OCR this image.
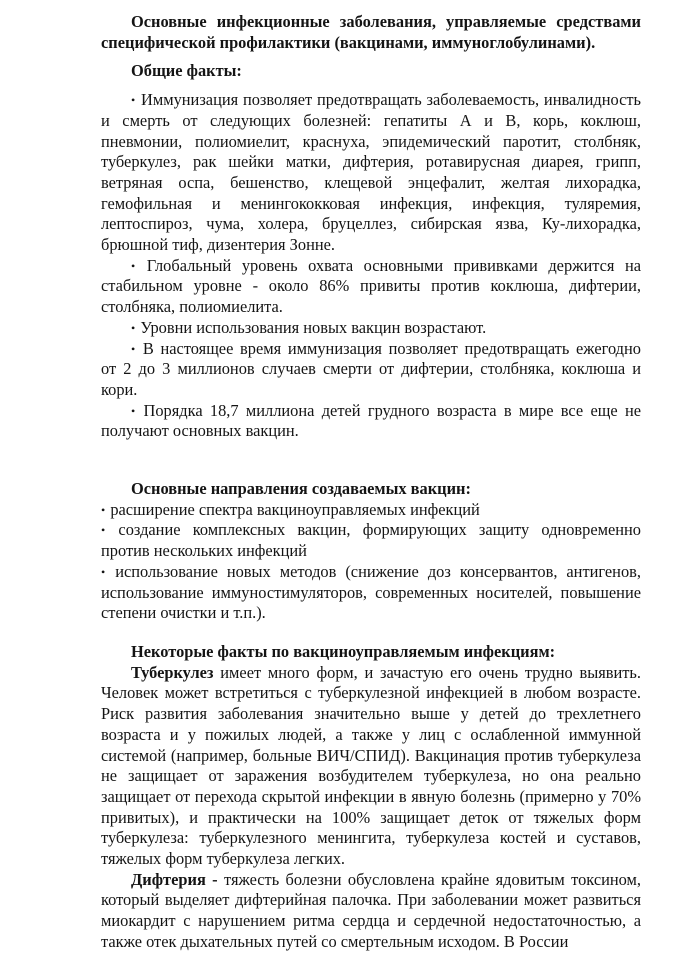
Основные инфекционные заболевания, управляемые средствами специфической профилактики (вакцинами, иммуноглобулинами).

Общие факты:

• Иммунизация позволяет предотвращать заболеваемость, инвалидность и смерть от следующих болезней: гепатиты А и В, корь, коклюш, пневмонии, полиомиелит, краснуха, эпидемический паротит, столбняк, туберкулез, рак шейки матки, дифтерия, ротавирусная диарея, грипп, ветряная оспа, бешенство, клещевой энцефалит, желтая лихорадка, гемофильная и менингококковая инфекция, инфекция, туляремия, лептоспироз, чума, холера, бруцеллез, сибирская язва, Ку-лихорадка, брюшной тиф, дизентерия Зонне.

• Глобальный уровень охвата основными прививками держится на стабильном уровне - около 86% привиты против коклюша, дифтерии, столбняка, полиомиелита.

• Уровни использования новых вакцин возрастают.

• В настоящее время иммунизация позволяет предотвращать ежегодно от 2 до 3 миллионов случаев смерти от дифтерии, столбняка, коклюша и кори.

• Порядка 18,7 миллиона детей грудного возраста в мире все еще не получают основных вакцин.

Основные направления создаваемых вакцин:

• расширение спектра вакциноуправляемых инфекций

• создание комплексных вакцин, формирующих защиту одновременно против нескольких инфекций

• использование новых методов (снижение доз консервантов, антигенов, использование иммуностимуляторов, современных носителей, повышение степени очистки и т.п.).

Некоторые факты по вакциноуправляемым инфекциям:

Туберкулез имеет много форм, и зачастую его очень трудно выявить. Человек может встретиться с туберкулезной инфекцией в любом возрасте. Риск развития заболевания значительно выше у детей до трехлетнего возраста и у пожилых людей, а также у лиц с ослабленной иммунной системой (например, больные ВИЧ/СПИД). Вакцинация против туберкулеза не защищает от заражения возбудителем туберкулеза, но она реально защищает от перехода скрытой инфекции в явную болезнь (примерно у 70% привитых), и практически на 100% защищает деток от тяжелых форм туберкулеза: туберкулезного менингита, туберкулеза костей и суставов, тяжелых форм туберкулеза легких.

Дифтерия - тяжесть болезни обусловлена крайне ядовитым токсином, который выделяет дифтерийная палочка. При заболевании может развиться миокардит с нарушением ритма сердца и сердечной недостаточностью, а также отек дыхательных путей со смертельным исходом. В России
